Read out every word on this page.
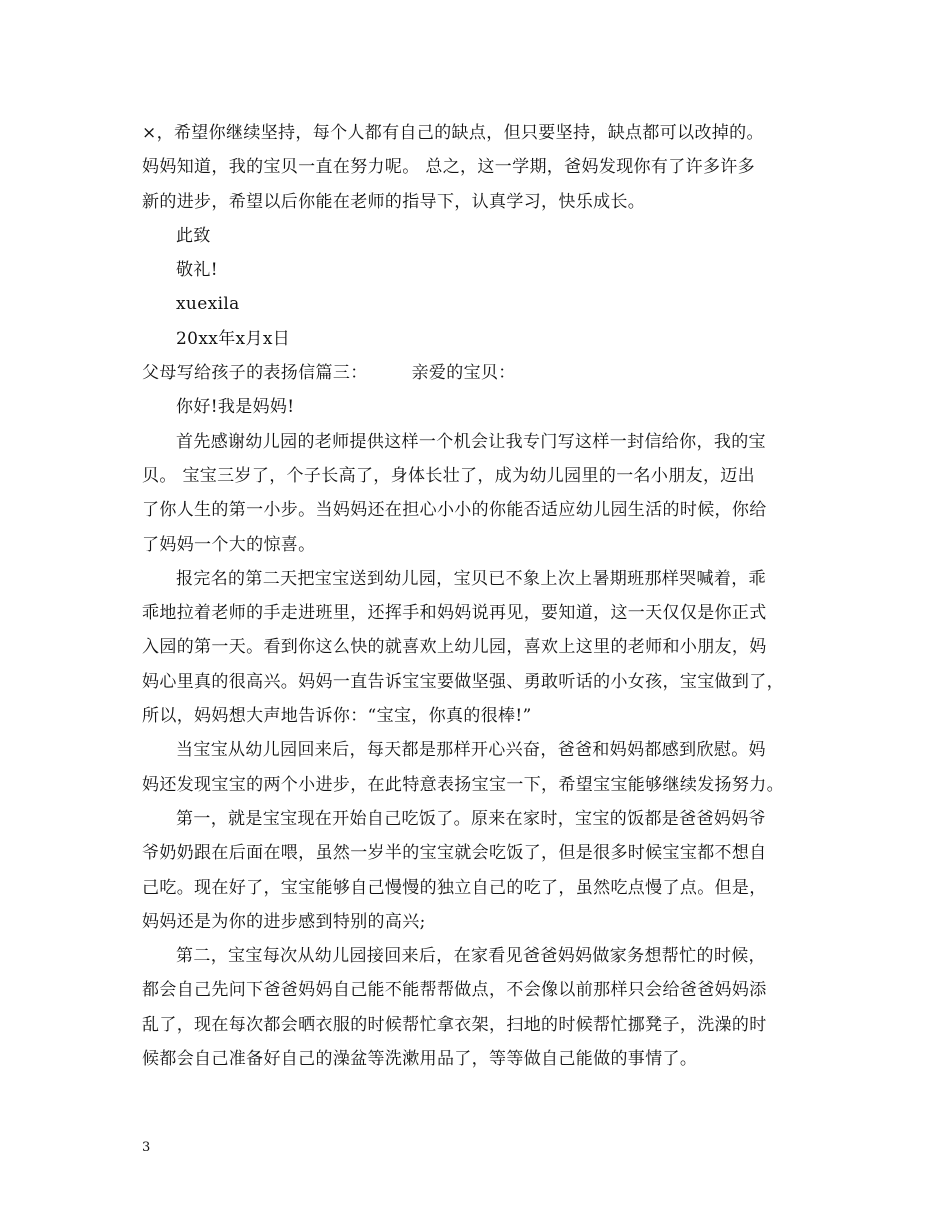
×，希望你继续坚持，每个人都有自己的缺点，但只要坚持，缺点都可以改掉的。
妈妈知道，我的宝贝一直在努力呢。 总之，这一学期，爸妈发现你有了许多许多
新的进步，希望以后你能在老师的指导下，认真学习，快乐成长。
此致
敬礼!
xuexila
20xx年x月x日
父母写给孩子的表扬信篇三：	亲爱的宝贝：
你好!我是妈妈!
首先感谢幼儿园的老师提供这样一个机会让我专门写这样一封信给你，我的宝
贝。 宝宝三岁了，个子长高了，身体长壮了，成为幼儿园里的一名小朋友，迈出
了你人生的第一小步。当妈妈还在担心小小的你能否适应幼儿园生活的时候，你给
了妈妈一个大的惊喜。
报完名的第二天把宝宝送到幼儿园，宝贝已不象上次上暑期班那样哭喊着，乖
乖地拉着老师的手走进班里，还挥手和妈妈说再见，要知道，这一天仅仅是你正式
入园的第一天。看到你这么快的就喜欢上幼儿园，喜欢上这里的老师和小朋友，妈
妈心里真的很高兴。妈妈一直告诉宝宝要做坚强、勇敢听话的小女孩，宝宝做到了，
所以，妈妈想大声地告诉你：“宝宝，你真的很棒!”
当宝宝从幼儿园回来后，每天都是那样开心兴奋，爸爸和妈妈都感到欣慰。妈
妈还发现宝宝的两个小进步，在此特意表扬宝宝一下，希望宝宝能够继续发扬努力。
第一，就是宝宝现在开始自己吃饭了。原来在家时，宝宝的饭都是爸爸妈妈爷
爷奶奶跟在后面在喂，虽然一岁半的宝宝就会吃饭了，但是很多时候宝宝都不想自
己吃。现在好了，宝宝能够自己慢慢的独立自己的吃了，虽然吃点慢了点。但是，
妈妈还是为你的进步感到特别的高兴;
第二，宝宝每次从幼儿园接回来后，在家看见爸爸妈妈做家务想帮忙的时候，
都会自己先问下爸爸妈妈自己能不能帮帮做点，不会像以前那样只会给爸爸妈妈添
乱了，现在每次都会晒衣服的时候帮忙拿衣架，扫地的时候帮忙挪凳子，洗澡的时
候都会自己准备好自己的澡盆等洗漱用品了，等等做自己能做的事情了。
3
